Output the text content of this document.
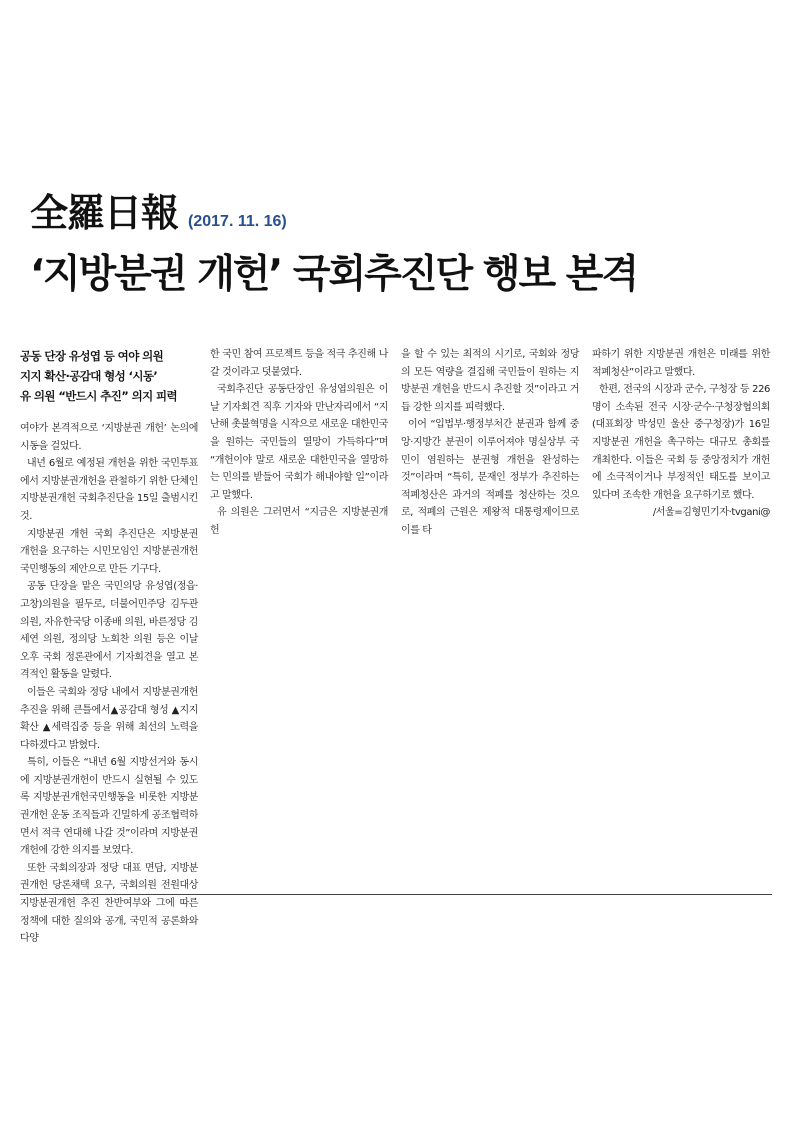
全羅日報 (2017. 11. 16)
‘지방분권 개헌’ 국회추진단 행보 본격
공동 단장 유성엽 등 여야 의원
지지 확산·공감대 형성 ‘시동’
유 의원 “반드시 추진” 의지 피력

여야가 본격적으로 ‘지방분권 개헌’ 논의에 시동을 걸었다.

내년 6월로 예정된 개헌을 위한 국민투표에서 지방분권개헌을 관철하기 위한 단체인 지방분권개헌 국회추진단을 15일 출범시킨 것.

지방분권 개헌 국회 추진단은 지방분권 개헌을 요구하는 시민모임인 지방분권개헌국민행동의 제안으로 만든 기구다.

공동 단장을 맡은 국민의당 유성엽(정읍·고창)의원을 필두로, 더불어민주당 김두관 의원, 자유한국당 이종배 의원, 바른정당 김세연 의원, 정의당 노회찬 의원 등은 이날 오후 국회 정론관에서 기자회견을 열고 본격적인 활동을 알렸다.

이들은 국회와 정당 내에서 지방분권개헌 추진을 위해 큰틀에서▲공감대 형성 ▲지지 확산 ▲세력집중 등을 위해 최선의 노력을 다하겠다고 밝혔다.

특히, 이들은 “내년 6월 지방선거와 동시에 지방분권개헌이 반드시 실현될 수 있도록 지방분권개헌국민행동을 비롯한 지방분권개헌 운동 조직들과 긴밀하게 공조협력하면서 적극 연대해 나갈 것”이라며 지방분권개헌에 강한 의지를 보였다.

또한 국회의장과 정당 대표 면담, 지방분권개헌 당론채택 요구, 국회의원 전원대상 지방분권개헌 추진 찬반여부와 그에 따른 정책에 대한 질의와 공개, 국민적 공론화와 다양

한 국민 참여 프로젝트 등을 적극 추진해 나갈 것이라고 덧붙였다.

국회추진단 공동단장인 유성엽의원은 이날 기자회견 직후 기자와 만난자리에서 “지난해 촛불혁명을 시작으로 새로운 대한민국을 원하는 국민들의 열망이 가득하다”며 “개헌이야 말로 새로운 대한민국을 열망하는 민의를 받들어 국회가 해내야할 일”이라고 말했다.

유 의원은 그러면서 “지금은 지방분권개헌

을 할 수 있는 최적의 시기로, 국회와 정당의 모든 역량을 결집해 국민들이 원하는 지방분권 개헌을 반드시 추진할 것”이라고 거듭 강한 의지를 피력했다.

이어 “입법부·행정부처간 분권과 함께 중앙·지방간 분권이 이루어져야 명실상부 국민이 염원하는 분권형 개헌을 완성하는 것”이라며 “특히, 문재인 정부가 추진하는 적폐청산은 과거의 적폐를 청산하는 것으로, 적폐의 근원은 제왕적 대통령제이므로 이를 타

파하기 위한 지방분권 개헌은 미래를 위한 적폐청산”이라고 말했다.

한편, 전국의 시장과 군수, 구청장 등 226명이 소속된 전국 시장·군수·구청장협의회(대표회장 박성민 울산 중구청장)가 16일 지방분권 개헌을 촉구하는 대규모 총회를 개최한다. 이들은 국회 등 중앙정치가 개헌에 소극적이거나 부정적인 태도를 보이고 있다며 조속한 개헌을 요구하기로 했다.

/서울=김형민기자·tvgani@
